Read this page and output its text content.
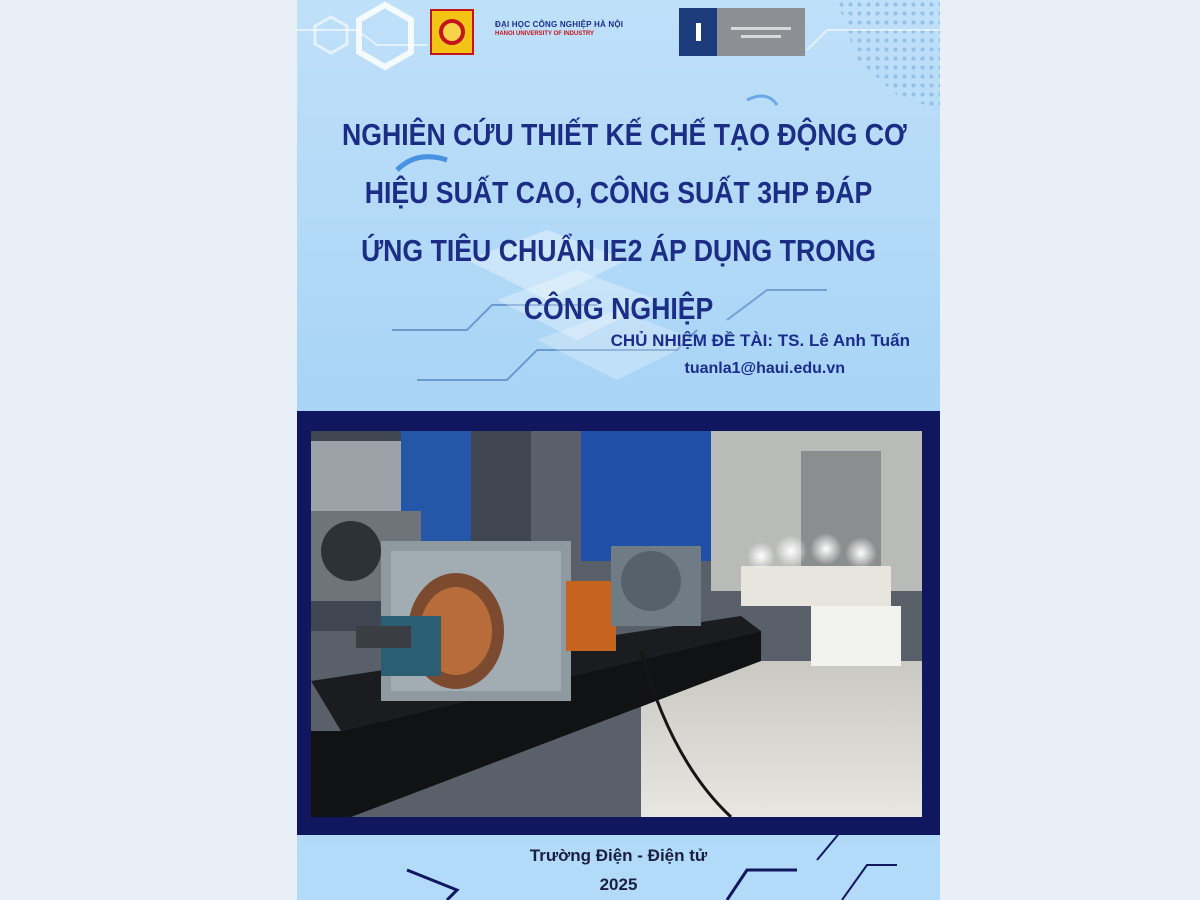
ĐẠI HỌC CÔNG NGHIỆP HÀ NỘI
HANOI UNIVERSITY OF INDUSTRY
NGHIÊN CỨU THIẾT KẾ CHẾ TẠO ĐỘNG CƠ
HIỆU SUẤT CAO, CÔNG SUẤT 3HP ĐÁP
ỨNG TIÊU CHUẨN IE2 ÁP DỤNG TRONG
CÔNG NGHIỆP
CHỦ NHIỆM ĐỀ TÀI: TS. Lê Anh Tuấn
tuanla1@haui.edu.vn
Trường Điện - Điện tử
2025
